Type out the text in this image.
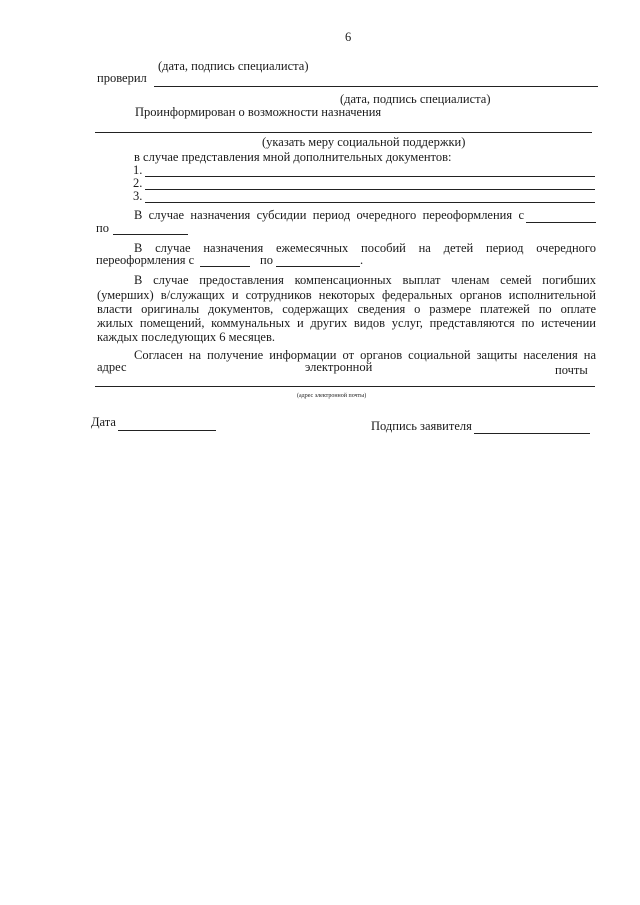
6
(дата, подпись специалиста)
проверил
(дата, подпись специалиста)
Проинформирован о возможности назначения
(указать меру социальной поддержки)
в случае представления мной дополнительных документов:
1.
2.
3.
В случае назначения субсидии период очередного переоформления с
по
В случае назначения ежемесячных пособий на детей период очередного
переоформления с	по	.
В случае предоставления компенсационных выплат членам семей погибших
(умерших) в/служащих и сотрудников некоторых федеральных органов исполнительной
власти оригиналы документов, содержащих сведения о размере платежей по оплате
жилых помещений, коммунальных и других видов услуг, представляются по истечении
каждых последующих 6 месяцев.
Согласен на получение информации от органов социальной защиты населения на
адрес	электронной	почты
(адрес электронной почты)
Дата	Подпись заявителя
